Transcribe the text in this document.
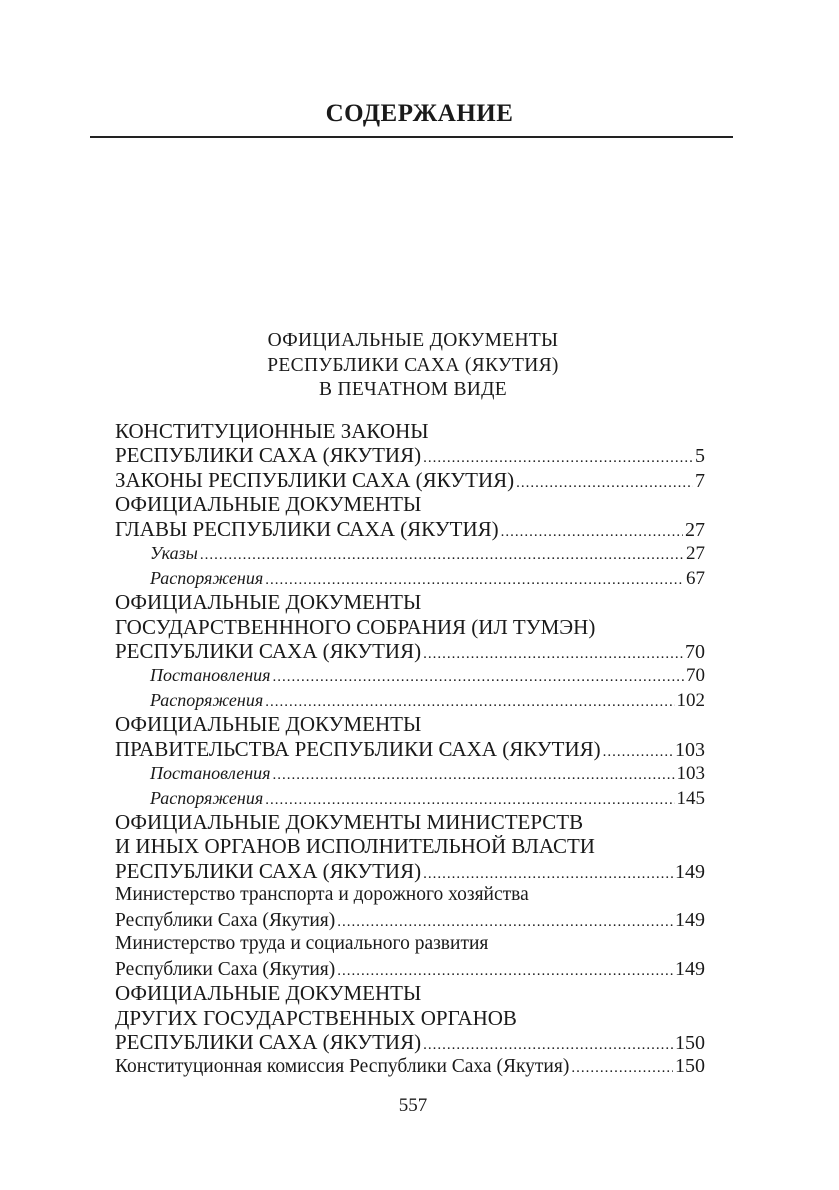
СОДЕРЖАНИЕ
ОФИЦИАЛЬНЫЕ ДОКУМЕНТЫ
РЕСПУБЛИКИ САХА (ЯКУТИЯ)
В ПЕЧАТНОМ ВИДЕ
КОНСТИТУЦИОННЫЕ ЗАКОНЫ
РЕСПУБЛИКИ САХА (ЯКУТИЯ) .....	5
ЗАКОНЫ РЕСПУБЛИКИ САХА (ЯКУТИЯ) .....	7
ОФИЦИАЛЬНЫЕ ДОКУМЕНТЫ
ГЛАВЫ РЕСПУБЛИКИ САХА (ЯКУТИЯ) .....	27
Указы .....	27
Распоряжения .....	67
ОФИЦИАЛЬНЫЕ ДОКУМЕНТЫ
ГОСУДАРСТВЕНННОГО СОБРАНИЯ (ИЛ ТУМЭН)
РЕСПУБЛИКИ САХА (ЯКУТИЯ) .....	70
Постановления .....	70
Распоряжения .....	102
ОФИЦИАЛЬНЫЕ ДОКУМЕНТЫ
ПРАВИТЕЛЬСТВА РЕСПУБЛИКИ САХА (ЯКУТИЯ) .....	103
Постановления .....	103
Распоряжения .....	145
ОФИЦИАЛЬНЫЕ ДОКУМЕНТЫ МИНИСТЕРСТВ
И ИНЫХ ОРГАНОВ ИСПОЛНИТЕЛЬНОЙ ВЛАСТИ
РЕСПУБЛИКИ САХА (ЯКУТИЯ) .....	149
Министерство транспорта и дорожного хозяйства
Республики Саха (Якутия) .....	149
Министерство труда и социального развития
Республики Саха (Якутия) .....	149
ОФИЦИАЛЬНЫЕ ДОКУМЕНТЫ
ДРУГИХ ГОСУДАРСТВЕННЫХ ОРГАНОВ
РЕСПУБЛИКИ САХА (ЯКУТИЯ) .....	150
Конституционная комиссия Республики Саха (Якутия) .....	150
557
